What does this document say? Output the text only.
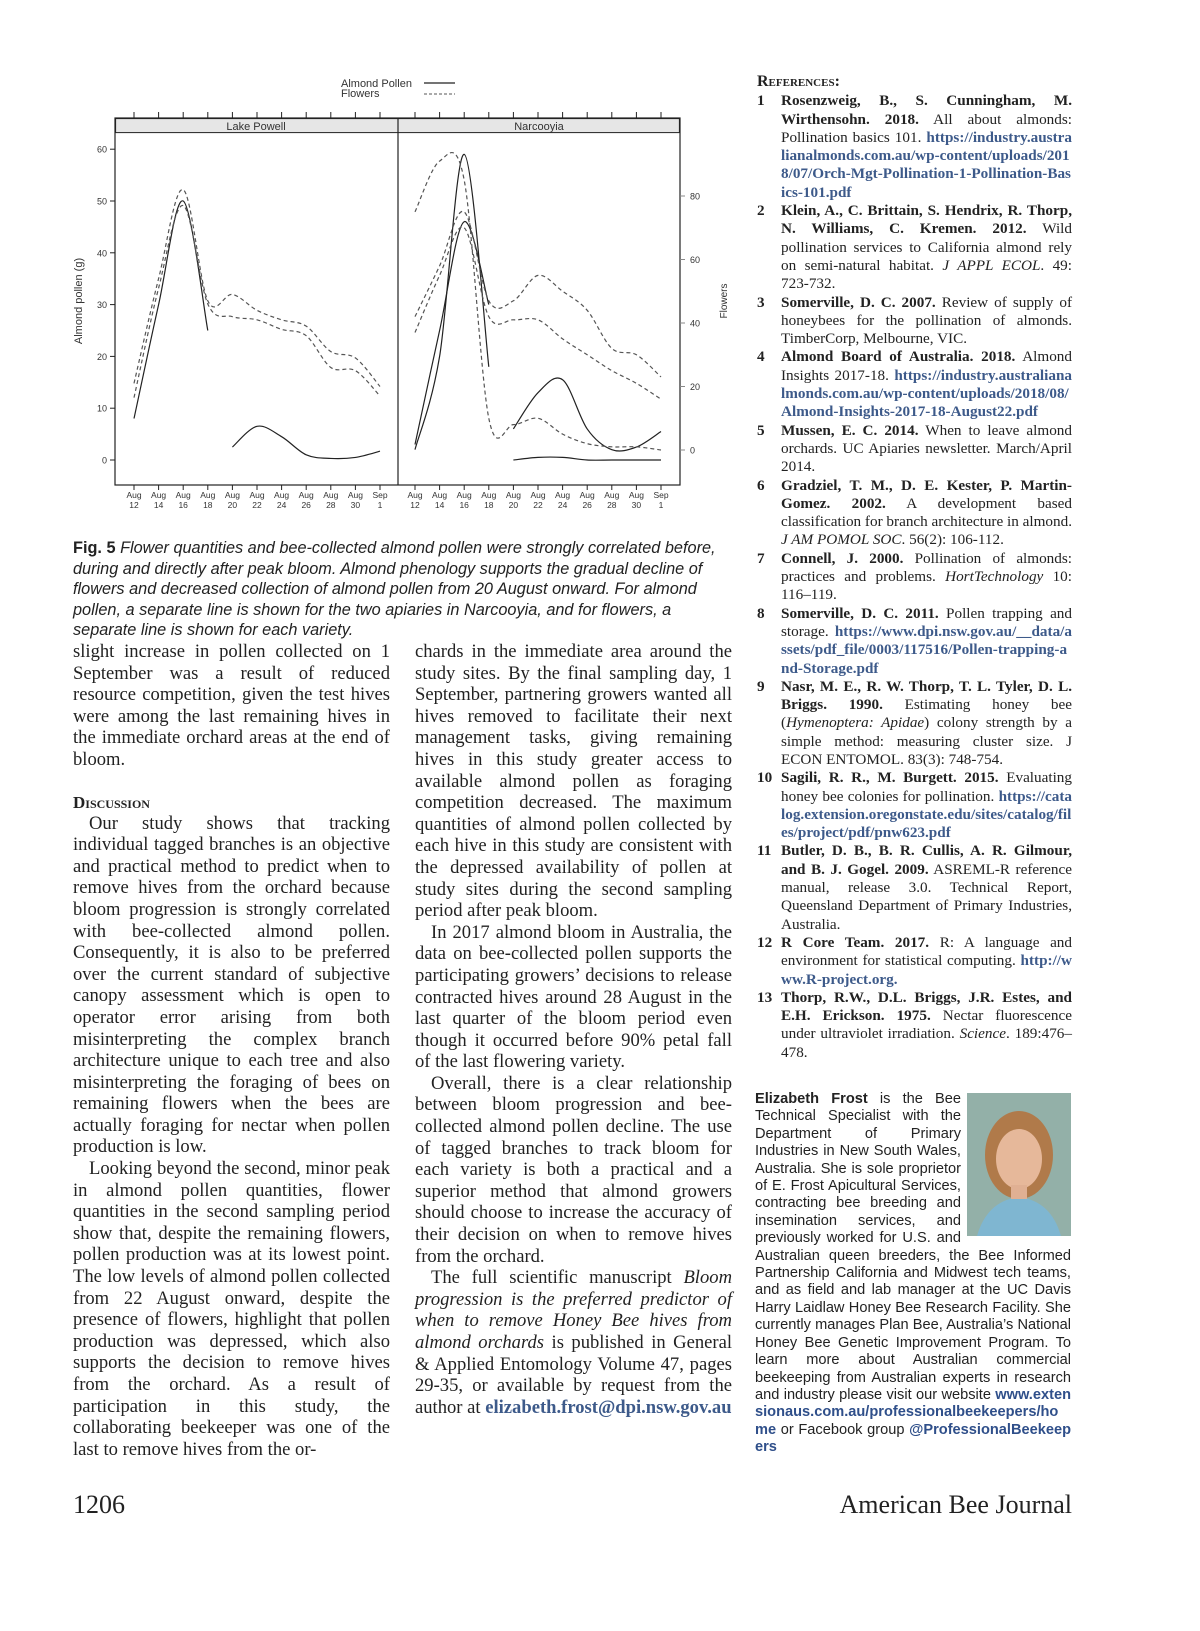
Almond Pollen
Flowers
Lake Powell	Narcooyia
Almond pollen (g)	Flowers
0
10
20
30
40
50
60
0
20
40
60
80
Aug
12
Aug
14
Aug
16
Aug
18
Aug
20
Aug
22
Aug
24
Aug
26
Aug
28
Aug
30
Sep
1
Aug
12
Aug
14
Aug
16
Aug
18
Aug
20
Aug
22
Aug
24
Aug
26
Aug
28
Aug
30
Sep
1
Fig. 5 Flower quantities and bee-collected almond pollen were strongly correlated before, during and directly after peak bloom. Almond phenology supports the gradual decline of flowers and decreased collection of almond pollen from 20 August onward. For almond pollen, a separate line is shown for the two apiaries in Narcooyia, and for flowers, a separate line is shown for each variety.

slight increase in pollen collected on 1 September was a result of reduced resource competition, given the test hives were among the last remaining hives in the immediate orchard areas at the end of bloom.

Discussion

Our study shows that tracking individual tagged branches is an objective and practical method to predict when to remove hives from the orchard because bloom progression is strongly correlated with bee-collected almond pollen. Consequently, it is also to be preferred over the current standard of subjective canopy assessment which is open to operator error arising from both misinterpreting the complex branch architecture unique to each tree and also misinterpreting the foraging of bees on remaining flowers when the bees are actually foraging for nectar when pollen production is low.

Looking beyond the second, minor peak in almond pollen quantities, flower quantities in the second sampling period show that, despite the remaining flowers, pollen production was at its lowest point. The low levels of almond pollen collected from 22 August onward, despite the presence of flowers, highlight that pollen production was depressed, which also supports the decision to remove hives from the orchard. As a result of participation in this study, the collaborating beekeeper was one of the last to remove hives from the or-

chards in the immediate area around the study sites. By the final sampling day, 1 September, partnering growers wanted all hives removed to facilitate their next management tasks, giving remaining hives in this study greater access to available almond pollen as foraging competition decreased. The maximum quantities of almond pollen collected by each hive in this study are consistent with the depressed availability of pollen at study sites during the second sampling period after peak bloom.

In 2017 almond bloom in Australia, the data on bee-collected pollen supports the participating growers’ decisions to release contracted hives around 28 August in the last quarter of the bloom period even though it occurred before 90% petal fall of the last flowering variety.

Overall, there is a clear relationship between bloom progression and bee-collected almond pollen decline. The use of tagged branches to track bloom for each variety is both a practical and a superior method that almond growers should choose to increase the accuracy of their decision on when to remove hives from the orchard.

The full scientific manuscript Bloom progression is the preferred predictor of when to remove Honey Bee hives from almond orchards is published in General & Applied Entomology Volume 47, pages 29-35, or available by request from the author at elizabeth.frost@dpi.nsw.gov.au

References:
1	Rosenzweig, B., S. Cunningham, M. Wirthensohn. 2018. All about almonds: Pollination basics 101. https://industry.australianalmonds.com.au/wp-content/uploads/2018/07/Orch-Mgt-Pollination-1-Pollination-Basics-101.pdf
2	Klein, A., C. Brittain, S. Hendrix, R. Thorp, N. Williams, C. Kremen. 2012. Wild pollination services to California almond rely on semi-natural habitat. J APPL ECOL. 49: 723-732.
3	Somerville, D. C. 2007. Review of supply of honeybees for the pollination of almonds. TimberCorp, Melbourne, VIC.
4	Almond Board of Australia. 2018. Almond Insights 2017-18. https://industry.australianalmonds.com.au/wp-content/uploads/2018/08/Almond-Insights-2017-18-August22.pdf
5	Mussen, E. C. 2014. When to leave almond orchards. UC Apiaries newsletter. March/April 2014.
6	Gradziel, T. M., D. E. Kester, P. Martin-Gomez. 2002. A development based classification for branch architecture in almond. J AM POMOL SOC. 56(2): 106-112.
7	Connell, J. 2000. Pollination of almonds: practices and problems. HortTechnology 10: 116–119.
8	Somerville, D. C. 2011. Pollen trapping and storage. https://www.dpi.nsw.gov.au/__data/assets/pdf_file/0003/117516/Pollen-trapping-and-Storage.pdf
9	Nasr, M. E., R. W. Thorp, T. L. Tyler, D. L. Briggs. 1990. Estimating honey bee (Hymenoptera: Apidae) colony strength by a simple method: measuring cluster size. J ECON ENTOMOL. 83(3): 748-754.
10 Sagili, R. R., M. Burgett. 2015. Evaluating honey bee colonies for pollination. https://catalog.extension.oregonstate.edu/sites/catalog/files/project/pdf/pnw623.pdf
11 Butler, D. B., B. R. Cullis, A. R. Gilmour, and B. J. Gogel. 2009. ASREML-R reference manual, release 3.0. Technical Report, Queensland Department of Primary Industries, Australia.
12 R Core Team. 2017. R: A language and environment for statistical computing. http://www.R-project.org.
13 Thorp, R.W., D.L. Briggs, J.R. Estes, and E.H. Erickson. 1975. Nectar fluorescence under ultraviolet irradiation. Science. 189:476–478.
Elizabeth Frost is the Bee Technical Specialist with the Department of Primary Industries in New South Wales, Australia. She is sole proprietor of E. Frost Apicultural Services, contracting bee breeding and insemination services, and previously worked for U.S. and Australian queen breeders, the Bee Informed Partnership California and Midwest tech teams, and as field and lab manager at the UC Davis Harry Laidlaw Honey Bee Research Facility. She currently manages Plan Bee, Australia’s National Honey Bee Genetic Improvement Program. To learn more about Australian commercial beekeeping from Australian experts in research and industry please visit our website www.extensionaus.com.au/professionalbeekeepers/home or Facebook group @ProfessionalBeekeepers
1206	American Bee Journal
